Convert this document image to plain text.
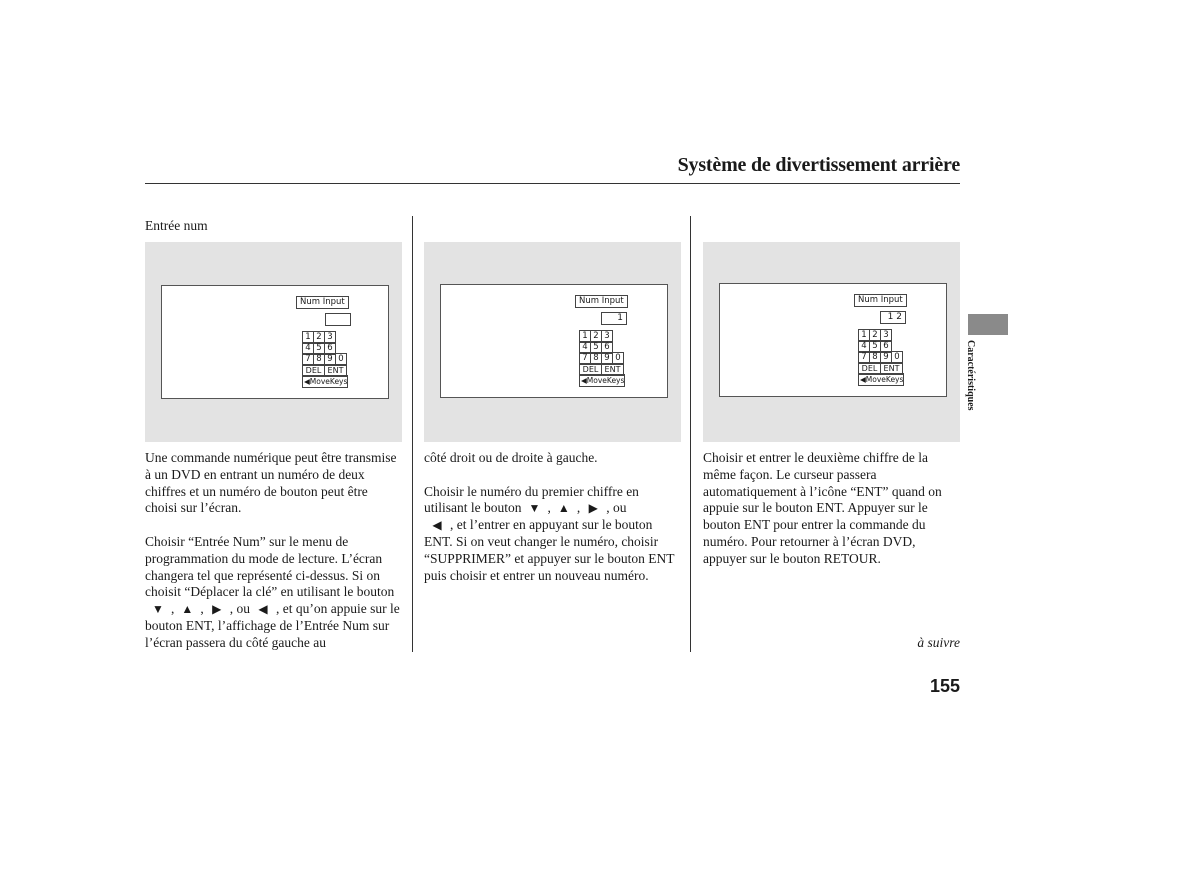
Système de divertissement arrière
Entrée num
Num Input
1 2 3
4 5 6
7 8 9 0
DEL ENT
◀MoveKeys
Num Input
1
1 2 3
4 5 6
7 8 9 0
DEL ENT
◀MoveKeys
Num Input
1 2
1 2 3
4 5 6
7 8 9 0
DEL ENT
◀MoveKeys

Une commande numérique peut être transmise à un DVD en entrant un numéro de deux chiffres et un numéro de bouton peut être choisi sur l’écran.

Choisir “Entrée Num” sur le menu de programmation du mode de lecture. L’écran changera tel que représenté ci-dessus. Si on choisit “Déplacer la clé” en utilisant le bouton
▼ , ▲ , ▶ , ou ◀ , et qu’on appuie sur le bouton ENT, l’affichage de l’Entrée Num sur l’écran passera du côté gauche au

côté droit ou de droite à gauche.

Choisir le numéro du premier chiffre en utilisant le bouton ▼ , ▲ , ▶ , ou
◀ , et l’entrer en appuyant sur le bouton ENT. Si on veut changer le numéro, choisir “SUPPRIMER” et appuyer sur le bouton ENT puis choisir et entrer un nouveau numéro.

Choisir et entrer le deuxième chiffre de la même façon. Le curseur passera automatiquement à l’icône “ENT” quand on appuie sur le bouton ENT. Appuyer sur le bouton ENT pour entrer la commande du numéro. Pour retourner à l’écran DVD, appuyer sur le bouton RETOUR.

Caractéristiques
à suivre
155
